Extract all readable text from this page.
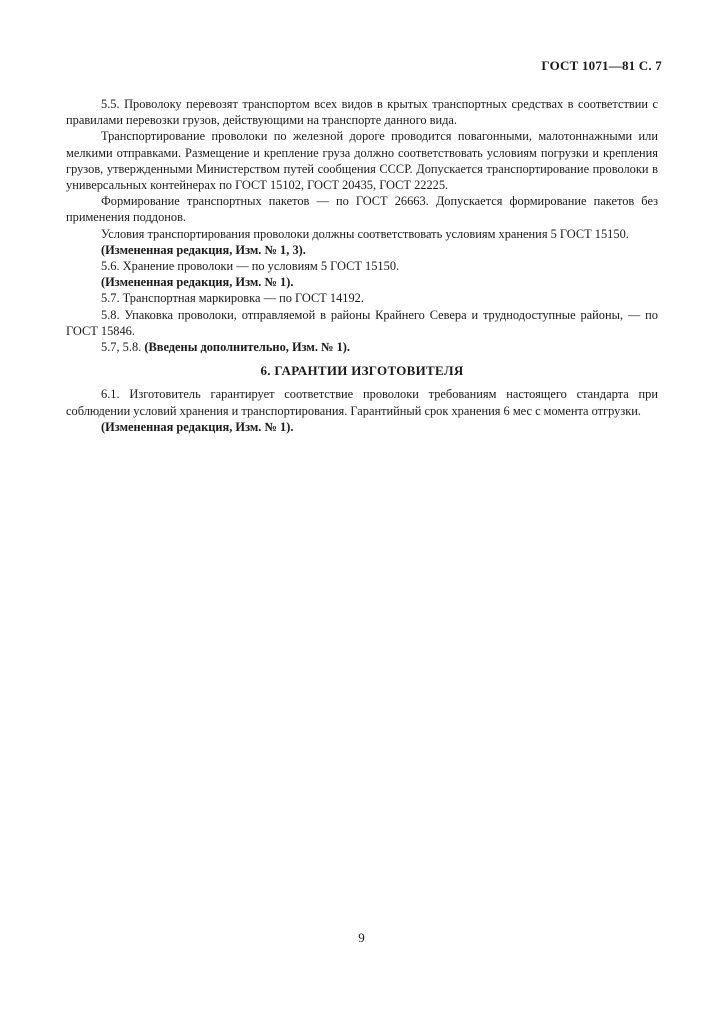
ГОСТ 1071—81 С. 7

5.5. Проволоку перевозят транспортом всех видов в крытых транспортных средствах в соответствии с правилами перевозки грузов, действующими на транспорте данного вида.

Транспортирование проволоки по железной дороге проводится повагонными, малотоннажными или мелкими отправками. Размещение и крепление груза должно соответствовать условиям погрузки и крепления грузов, утвержденными Министерством путей сообщения СССР. Допускается транспортирование проволоки в универсальных контейнерах по ГОСТ 15102, ГОСТ 20435, ГОСТ 22225.

Формирование транспортных пакетов — по ГОСТ 26663. Допускается формирование пакетов без применения поддонов.

Условия транспортирования проволоки должны соответствовать условиям хранения 5 ГОСТ 15150.

(Измененная редакция, Изм. № 1, 3).

5.6. Хранение проволоки — по условиям 5 ГОСТ 15150.

(Измененная редакция, Изм. № 1).

5.7. Транспортная маркировка — по ГОСТ 14192.

5.8. Упаковка проволоки, отправляемой в районы Крайнего Севера и труднодоступные районы, — по ГОСТ 15846.

5.7, 5.8. (Введены дополнительно, Изм. № 1).

6. ГАРАНТИИ ИЗГОТОВИТЕЛЯ

6.1. Изготовитель гарантирует соответствие проволоки требованиям настоящего стандарта при соблюдении условий хранения и транспортирования. Гарантийный срок хранения 6 мес с момента отгрузки.

(Измененная редакция, Изм. № 1).

9
